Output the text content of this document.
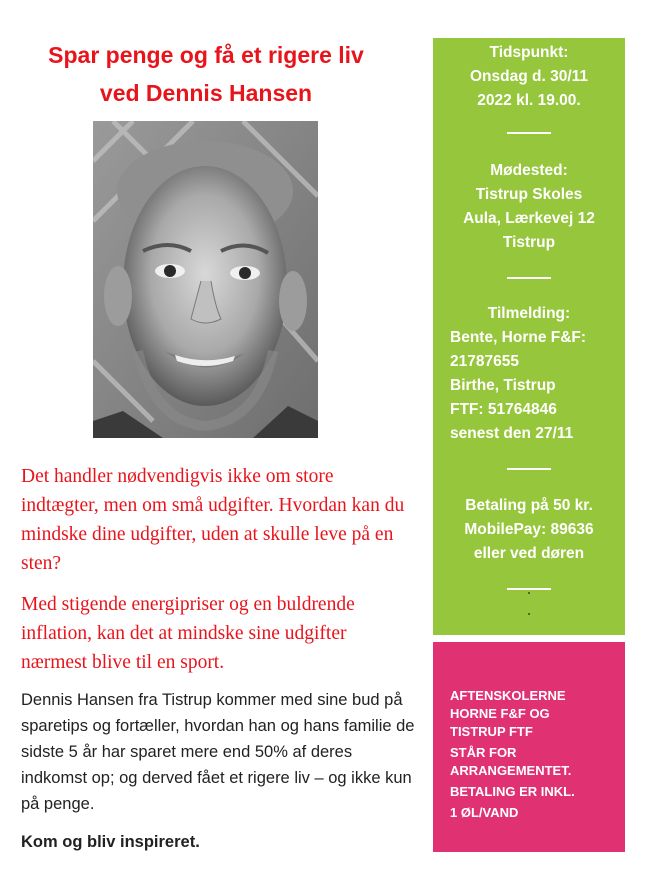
Spar penge og få et rigere liv
ved Dennis Hansen

Det handler nødvendigvis ikke om store indtægter, men om små udgifter. Hvordan kan du mindske dine udgifter, uden at skulle leve på en sten?

Med stigende energipriser og en buldrende inflation, kan det at mindske sine udgifter nærmest blive til en sport.

Dennis Hansen fra Tistrup kommer med sine bud på sparetips og fortæller, hvordan han og hans familie de sidste 5 år har sparet mere end 50% af deres indkomst op; og derved fået et rigere liv – og ikke kun på penge.

Kom og bliv inspireret.

Tidspunkt:
Onsdag d. 30/11
2022 kl. 19.00.
Mødested:
Tistrup Skoles
Aula, Lærkevej 12
Tistrup
Tilmelding:
Bente, Horne F&F:
21787655
Birthe, Tistrup
FTF: 51764846
senest den 27/11
Betaling på 50 kr.
MobilePay: 89636
eller ved døren
AFTENSKOLERNE
HORNE F&F OG
TISTRUP FTF
STÅR FOR
ARRANGEMENTET.
BETALING ER INKL.
1 ØL/VAND
